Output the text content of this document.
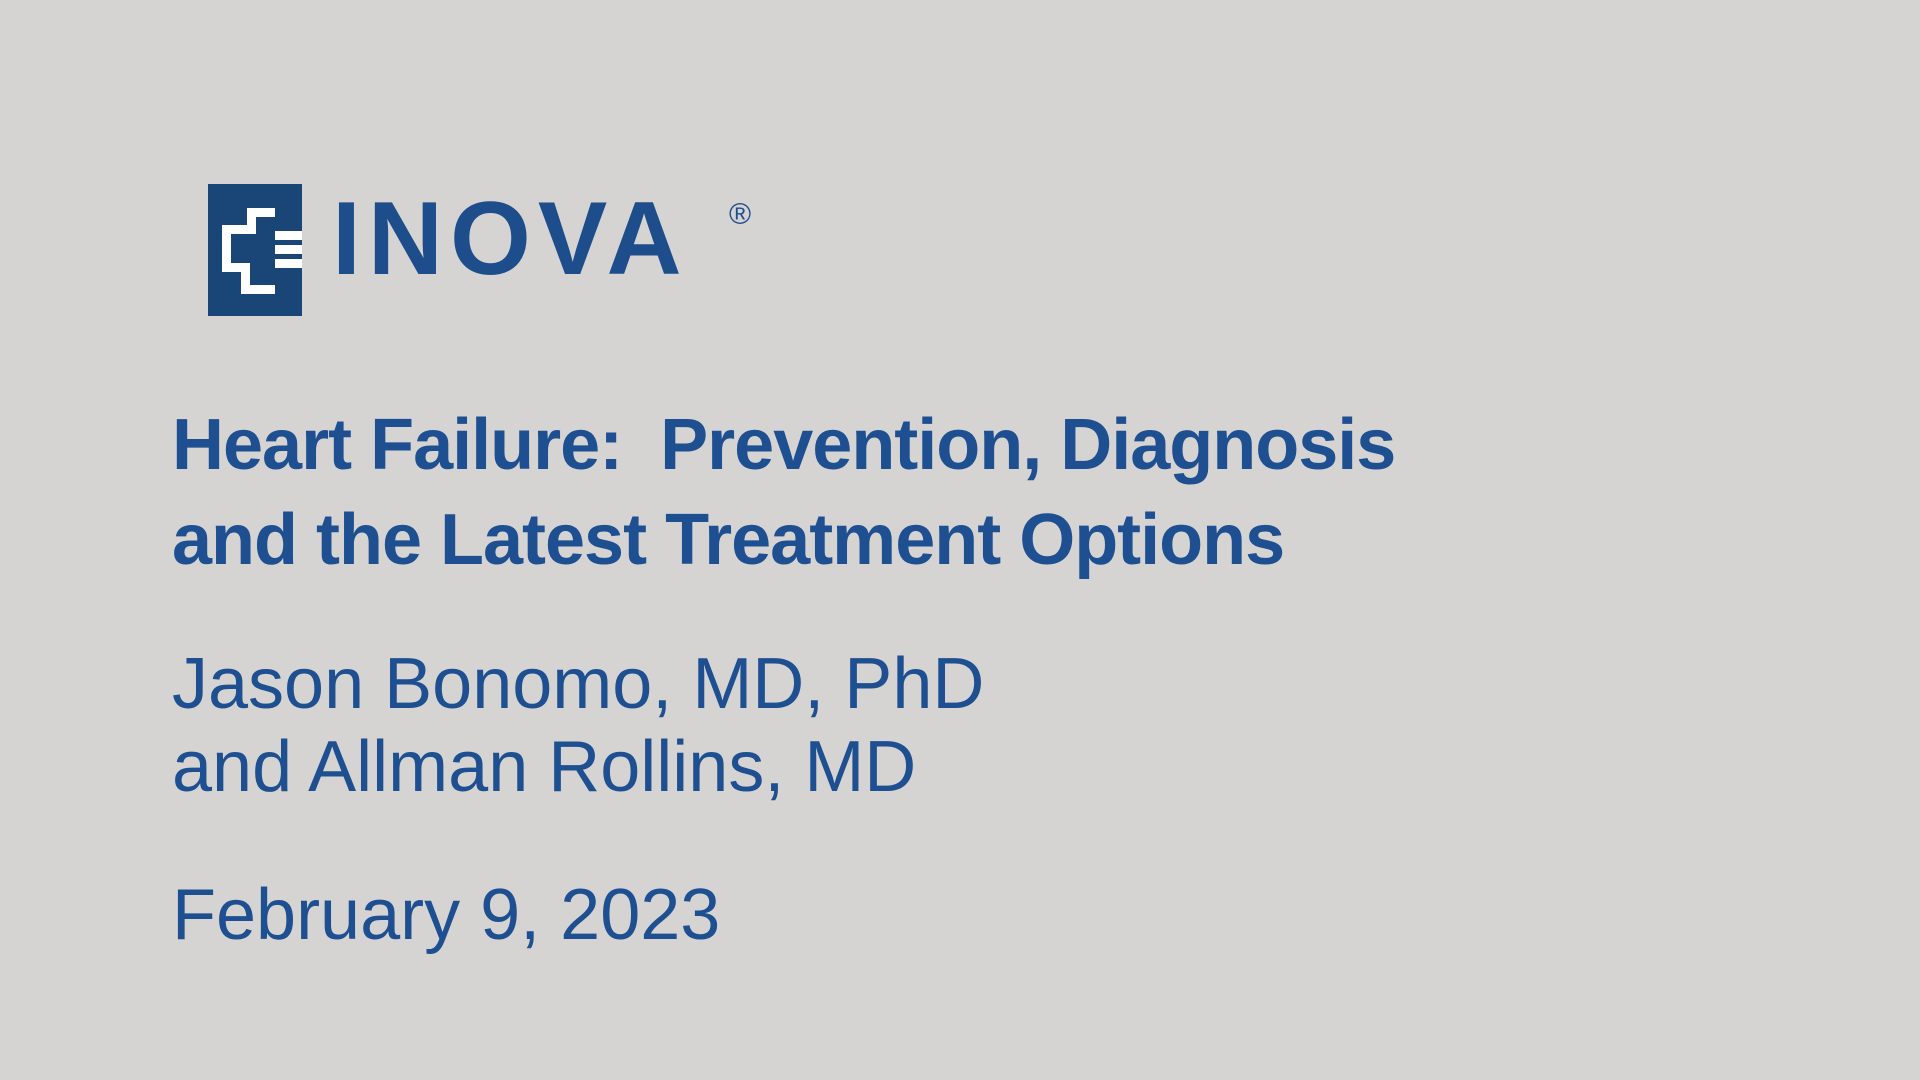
INOVA ®
Heart Failure:  Prevention, Diagnosis
and the Latest Treatment Options
Jason Bonomo, MD, PhD
and Allman Rollins, MD
February 9, 2023
